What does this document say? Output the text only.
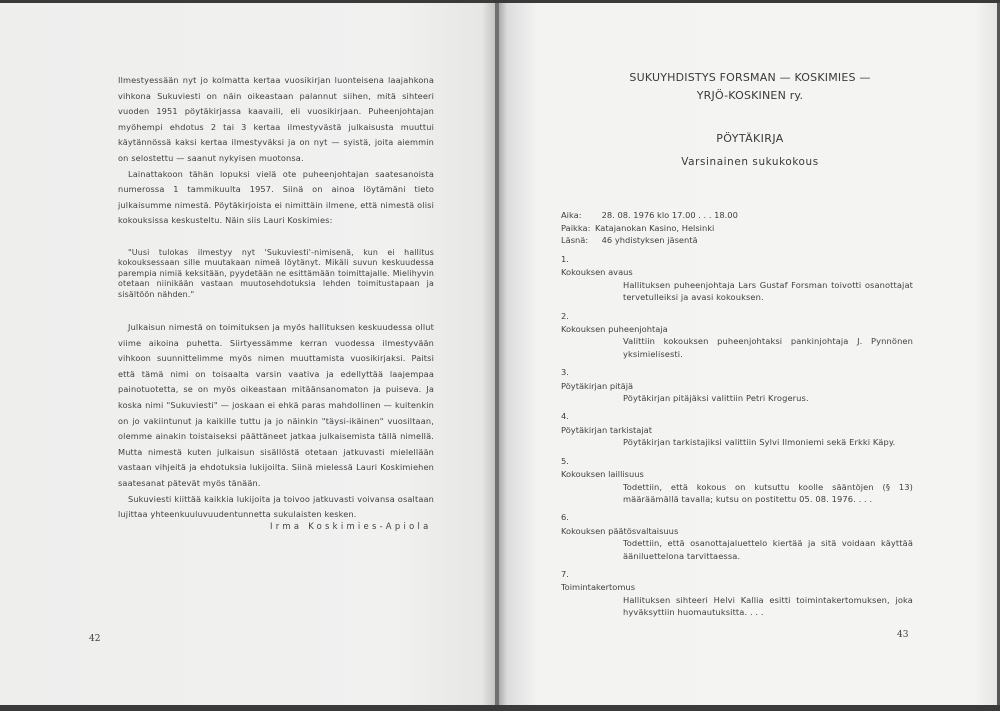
Ilmestyessään nyt jo kolmatta kertaa vuosikirjan luonteisena laajahkona vihkona Sukuviesti on näin oikeastaan palannut siihen, mitä sihteeri vuoden 1951 pöytäkirjassa kaavaili, eli vuosikirjaan. Puheenjohtajan myöhempi ehdotus 2 tai 3 kertaa ilmestyvästä julkaisusta muuttui käytännössä kaksi kertaa ilmestyväksi ja on nyt — syistä, joita aiemmin on selostettu — saanut nykyisen muotonsa.

Lainattakoon tähän lopuksi vielä ote puheenjohtajan saatesanoista numerossa 1 tammikuulta 1957. Siinä on ainoa löytämäni tieto julkaisumme nimestä. Pöytäkirjoista ei nimittäin ilmene, että nimestä olisi kokouksissa keskusteltu. Näin siis Lauri Koskimies:

"Uusi tulokas ilmestyy nyt 'Sukuviesti'-nimisenä, kun ei hallitus kokouksessaan sille muutakaan nimeä löytänyt. Mikäli suvun keskuudessa parempia nimiä keksitään, pyydetään ne esittämään toimittajalle. Mielihyvin otetaan niinikään vastaan muutosehdotuksia lehden toimitustapaan ja sisältöön nähden."

Julkaisun nimestä on toimituksen ja myös hallituksen keskuudessa ollut viime aikoina puhetta. Siirtyessämme kerran vuodessa ilmestyvään vihkoon suunnittelimme myös nimen muuttamista vuosikirjaksi. Paitsi että tämä nimi on toisaalta varsin vaativa ja edellyttää laajempaa painotuotetta, se on myös oikeastaan mitäänsanomaton ja puiseva. Ja koska nimi "Sukuviesti" — joskaan ei ehkä paras mahdollinen — kuitenkin on jo vakiintunut ja kaikille tuttu ja jo näinkin "täysi-ikäinen" vuosiltaan, olemme ainakin toistaiseksi päättäneet jatkaa julkaisemista tällä nimellä. Mutta nimestä kuten julkaisun sisällöstä otetaan jatkuvasti mielellään vastaan vihjeitä ja ehdotuksia lukijoilta. Siinä mielessä Lauri Koskimiehen saatesanat pätevät myös tänään.

Sukuviesti kiittää kaikkia lukijoita ja toivoo jatkuvasti voivansa osaltaan lujittaa yhteenkuuluvuudentunnetta sukulaisten kesken.

Irma Koskimies-Apiola
42
SUKUYHDISTYS FORSMAN — KOSKIMIES —
YRJÖ-KOSKINEN ry.
PÖYTÄKIRJA
Varsinainen sukukokous
Aika: 28. 08. 1976 klo 17.00 . . . 18.00
Paikka: Katajanokan Kasino, Helsinki
Läsnä: 46 yhdistyksen jäsentä
1.
Kokouksen avaus
Hallituksen puheenjohtaja Lars Gustaf Forsman toivotti osanottajat tervetulleiksi ja avasi kokouksen.
2.
Kokouksen puheenjohtaja
Valittiin kokouksen puheenjohtaksi pankinjohtaja J. Pynnönen yksimielisesti.
3.
Pöytäkirjan pitäjä
Pöytäkirjan pitäjäksi valittiin Petri Krogerus.
4.
Pöytäkirjan tarkistajat
Pöytäkirjan tarkistajiksi valittiin Sylvi Ilmoniemi sekä Erkki Käpy.
5.
Kokouksen laillisuus
Todettiin, että kokous on kutsuttu koolle sääntöjen (§ 13) määräämällä tavalla; kutsu on postitettu 05. 08. 1976. . . .
6.
Kokouksen päätösvaltaisuus
Todettiin, että osanottajaluettelo kiertää ja sitä voidaan käyttää ääniluettelona tarvittaessa.
7.
Toimintakertomus
Hallituksen sihteeri Helvi Kallia esitti toimintakertomuksen, joka hyväksyttiin huomautuksitta. . . .
43
